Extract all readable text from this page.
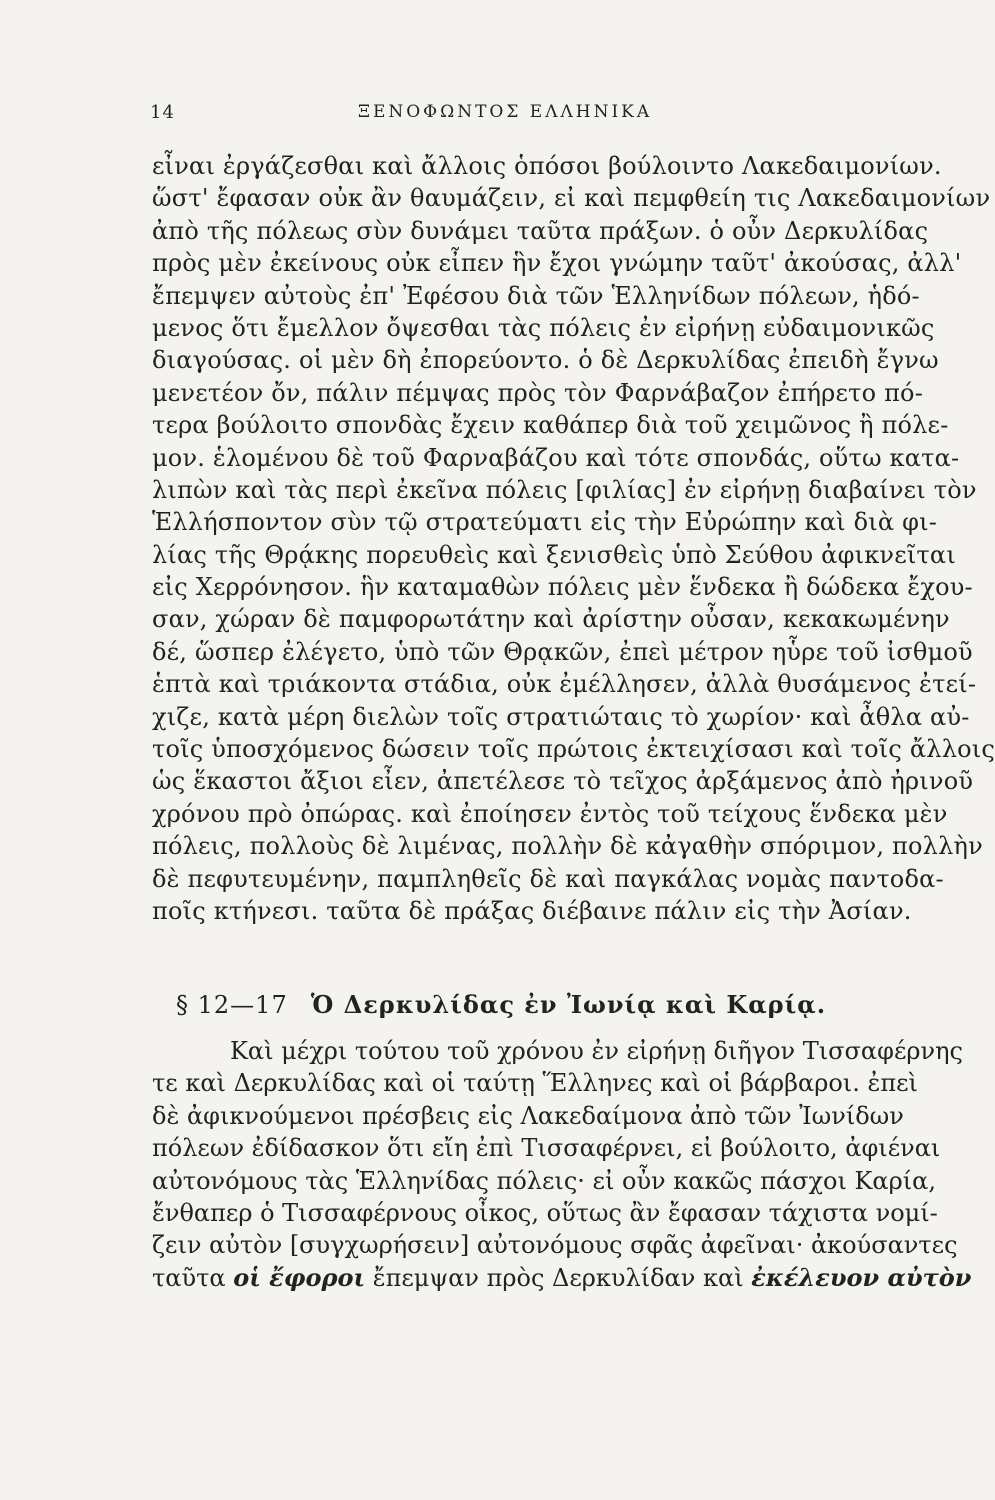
14	ΞΕΝΟΦΩΝΤΟΣ ΕΛΛΗΝΙΚΑ
εἶναι ἐργάζεσθαι καὶ ἄλλοις ὁπόσοι βούλοιντο Λακεδαιμονίων.
ὥστ' ἔφασαν οὐκ ἂν θαυμάζειν, εἰ καὶ πεμφθείη τις Λακεδαιμονίων
ἀπὸ τῆς πόλεως σὺν δυνάμει ταῦτα πράξων. ὁ οὖν Δερκυλίδας
πρὸς μὲν ἐκείνους οὐκ εἶπεν ἣν ἔχοι γνώμην ταῦτ' ἀκούσας, ἀλλ'
ἔπεμψεν αὐτοὺς ἐπ' Ἐφέσου διὰ τῶν Ἑλληνίδων πόλεων, ἡδό-
μενος ὅτι ἔμελλον ὄψεσθαι τὰς πόλεις ἐν εἰρήνῃ εὐδαιμονικῶς
διαγούσας. οἱ μὲν δὴ ἐπορεύοντο. ὁ δὲ Δερκυλίδας ἐπειδὴ ἔγνω
μενετέον ὄν, πάλιν πέμψας πρὸς τὸν Φαρνάβαζον ἐπήρετο πό-
τερα βούλοιτο σπονδὰς ἔχειν καθάπερ διὰ τοῦ χειμῶνος ἢ πόλε-
μον. ἑλομένου δὲ τοῦ Φαρναβάζου καὶ τότε σπονδάς, οὕτω κατα-
λιπὼν καὶ τὰς περὶ ἐκεῖνα πόλεις [φιλίας] ἐν εἰρήνῃ διαβαίνει τὸν
Ἑλλήσποντον σὺν τῷ στρατεύματι εἰς τὴν Εὐρώπην καὶ διὰ φι-
λίας τῆς Θρᾴκης πορευθεὶς καὶ ξενισθεὶς ὑπὸ Σεύθου ἀφικνεῖται
εἰς Χερρόνησον. ἣν καταμαθὼν πόλεις μὲν ἕνδεκα ἢ δώδεκα ἔχου-
σαν, χώραν δὲ παμφορωτάτην καὶ ἀρίστην οὖσαν, κεκακωμένην
δέ, ὥσπερ ἐλέγετο, ὑπὸ τῶν Θρᾳκῶν, ἐπεὶ μέτρον ηὗρε τοῦ ἰσθμοῦ
ἑπτὰ καὶ τριάκοντα στάδια, οὐκ ἐμέλλησεν, ἀλλὰ θυσάμενος ἐτεί-
χιζε, κατὰ μέρη διελὼν τοῖς στρατιώταις τὸ χωρίον· καὶ ἆθλα αὐ-
τοῖς ὑποσχόμενος δώσειν τοῖς πρώτοις ἐκτειχίσασι καὶ τοῖς ἄλλοις
ὡς ἕκαστοι ἄξιοι εἶεν, ἀπετέλεσε τὸ τεῖχος ἀρξάμενος ἀπὸ ἠρινοῦ
χρόνου πρὸ ὀπώρας. καὶ ἐποίησεν ἐντὸς τοῦ τείχους ἕνδεκα μὲν
πόλεις, πολλοὺς δὲ λιμένας, πολλὴν δὲ κἀγαθὴν σπόριμον, πολλὴν
δὲ πεφυτευμένην, παμπληθεῖς δὲ καὶ παγκάλας νομὰς παντοδα-
ποῖς κτήνεσι. ταῦτα δὲ πράξας διέβαινε πάλιν εἰς τὴν Ἀσίαν.
§ 12—17 Ὁ Δερκυλίδας ἐν Ἰωνίᾳ καὶ Καρίᾳ.
Καὶ μέχρι τούτου τοῦ χρόνου ἐν εἰρήνῃ διῆγον Τισσαφέρνης
τε καὶ Δερκυλίδας καὶ οἱ ταύτῃ Ἕλληνες καὶ οἱ βάρβαροι. ἐπεὶ
δὲ ἀφικνούμενοι πρέσβεις εἰς Λακεδαίμονα ἀπὸ τῶν Ἰωνίδων
πόλεων ἐδίδασκον ὅτι εἴη ἐπὶ Τισσαφέρνει, εἰ βούλοιτο, ἀφιέναι
αὐτονόμους τὰς Ἑλληνίδας πόλεις· εἰ οὖν κακῶς πάσχοι Καρία,
ἔνθαπερ ὁ Τισσαφέρνους οἶκος, οὕτως ἂν ἔφασαν τάχιστα νομί-
ζειν αὐτὸν [συγχωρήσειν] αὐτονόμους σφᾶς ἀφεῖναι· ἀκούσαντες
ταῦτα οἱ ἔφοροι ἔπεμψαν πρὸς Δερκυλίδαν καὶ ἐκέλευον αὐτὸν
